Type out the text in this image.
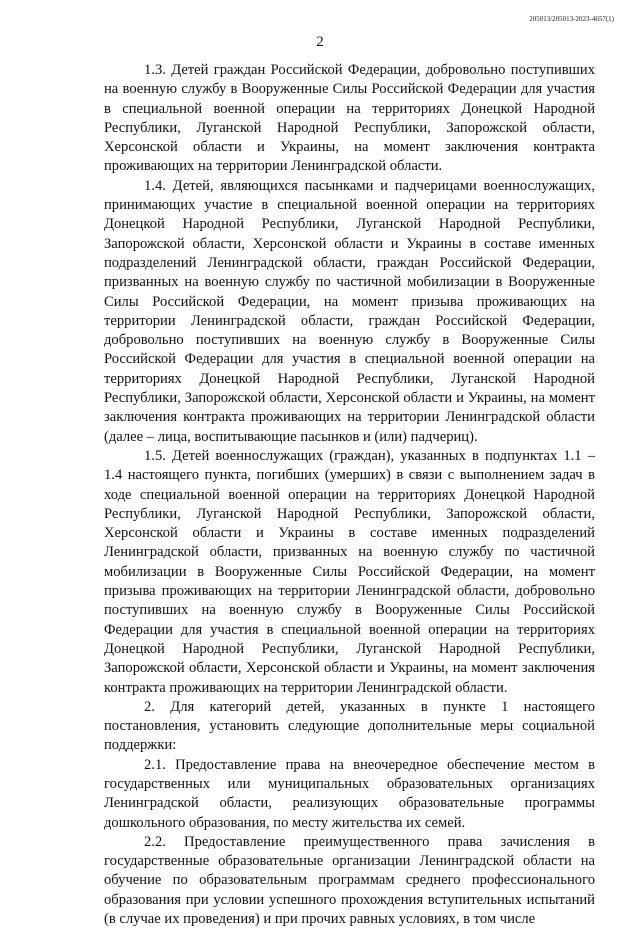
205013/205013-2023-4657(1)
2

1.3. Детей граждан Российской Федерации, добровольно поступивших на военную службу в Вооруженные Силы Российской Федерации для участия в специальной военной операции на территориях Донецкой Народной Республики, Луганской Народной Республики, Запорожской области, Херсонской области и Украины, на момент заключения контракта проживающих на территории Ленинградской области.

1.4. Детей, являющихся пасынками и падчерицами военнослужащих, принимающих участие в специальной военной операции на территориях Донецкой Народной Республики, Луганской Народной Республики, Запорожской области, Херсонской области и Украины в составе именных подразделений Ленинградской области, граждан Российской Федерации, призванных на военную службу по частичной мобилизации в Вооруженные Силы Российской Федерации, на момент призыва проживающих на территории Ленинградской области, граждан Российской Федерации, добровольно поступивших на военную службу в Вооруженные Силы Российской Федерации для участия в специальной военной операции на территориях Донецкой Народной Республики, Луганской Народной Республики, Запорожской области, Херсонской области и Украины, на момент заключения контракта проживающих на территории Ленинградской области (далее – лица, воспитывающие пасынков и (или) падчериц).

1.5. Детей военнослужащих (граждан), указанных в подпунктах 1.1 – 1.4 настоящего пункта, погибших (умерших) в связи с выполнением задач в ходе специальной военной операции на территориях Донецкой Народной Республики, Луганской Народной Республики, Запорожской области, Херсонской области и Украины в составе именных подразделений Ленинградской области, призванных на военную службу по частичной мобилизации в Вооруженные Силы Российской Федерации, на момент призыва проживающих на территории Ленинградской области, добровольно поступивших на военную службу в Вооруженные Силы Российской Федерации для участия в специальной военной операции на территориях Донецкой Народной Республики, Луганской Народной Республики, Запорожской области, Херсонской области и Украины, на момент заключения контракта проживающих на территории Ленинградской области.

2. Для категорий детей, указанных в пункте 1 настоящего постановления, установить следующие дополнительные меры социальной поддержки:

2.1. Предоставление права на внеочередное обеспечение местом в государственных или муниципальных образовательных организациях Ленинградской области, реализующих образовательные программы дошкольного образования, по месту жительства их семей.

2.2. Предоставление преимущественного права зачисления в государственные образовательные организации Ленинградской области на обучение по образовательным программам среднего профессионального образования при условии успешного прохождения вступительных испытаний (в случае их проведения) и при прочих равных условиях, в том числе
